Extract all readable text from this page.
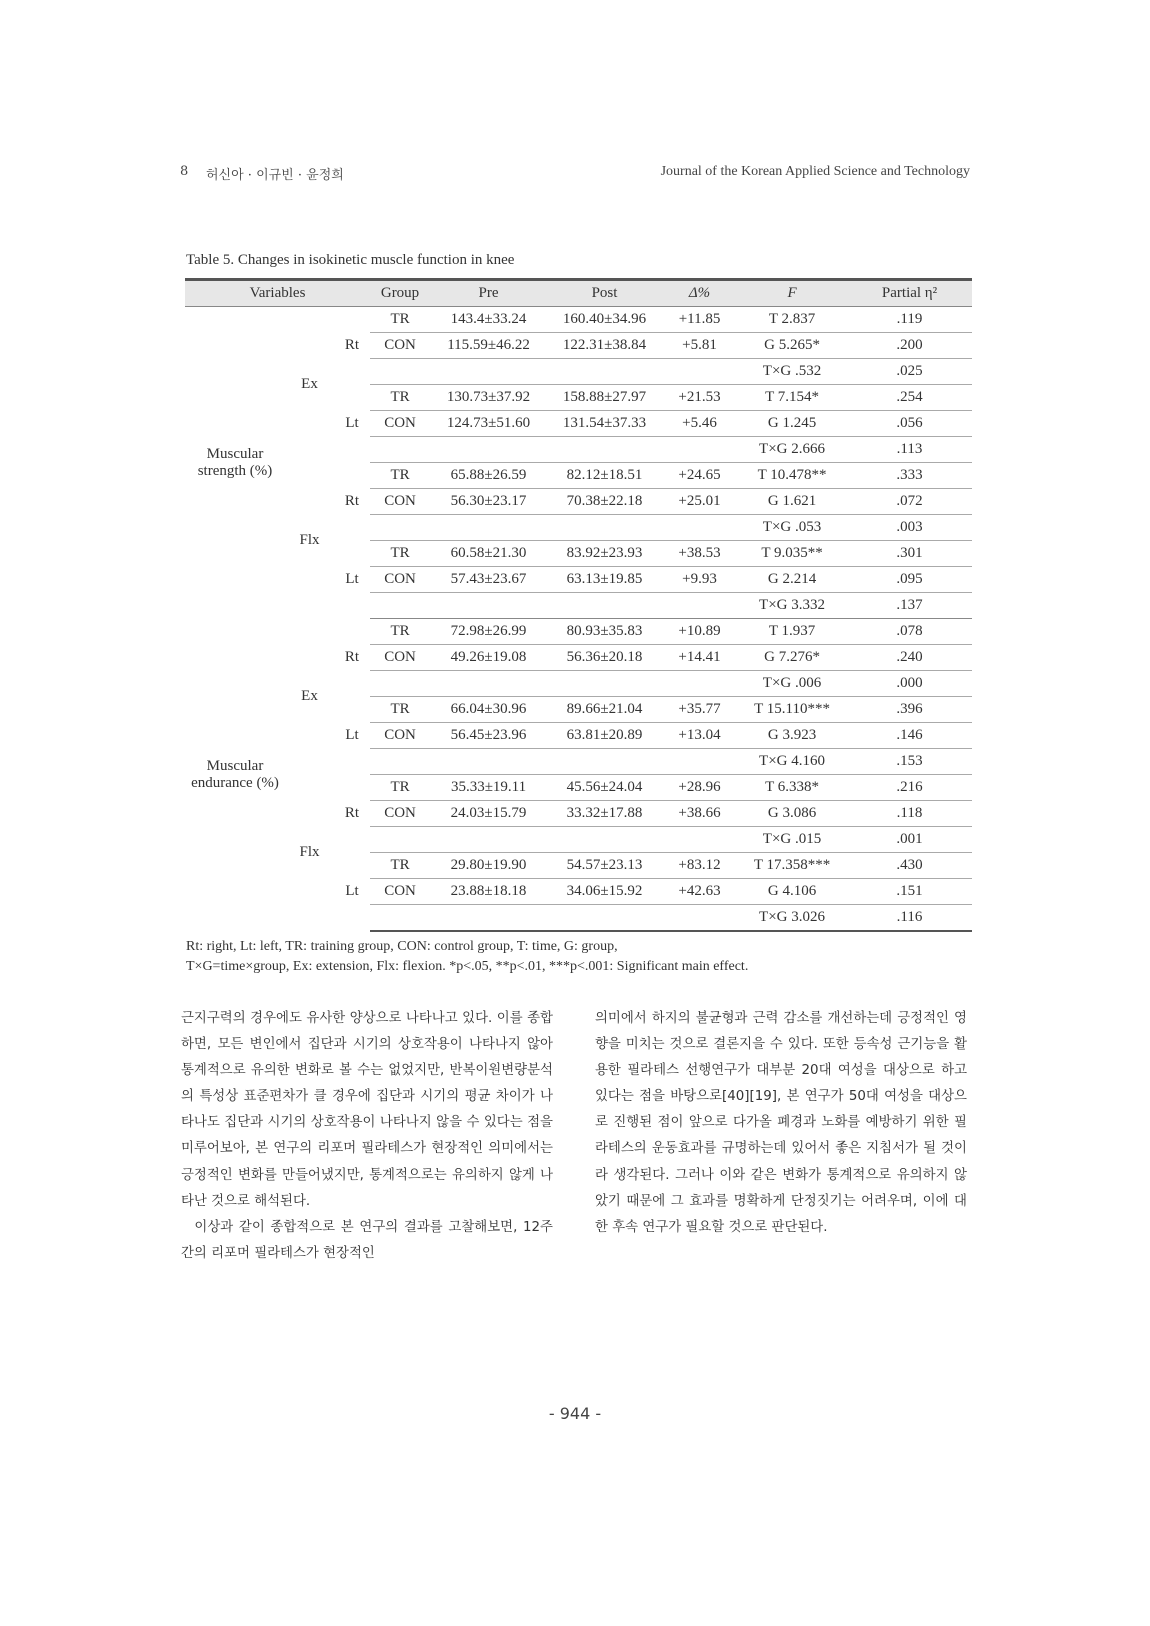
8 허신아 · 이규빈 · 윤정희	Journal of the Korean Applied Science and Technology
Table 5. Changes in isokinetic muscle function in knee
Variables			Group	Pre	Post	Δ%	F	Partial η²
Muscular strength (%)	Ex	Rt	TR	143.4±33.24	160.40±34.96	+11.85	T 2.837	.119
			CON	115.59±46.22	122.31±38.84	+5.81	G 5.265*	.200
							T×G .532	.025
		Lt	TR	130.73±37.92	158.88±27.97	+21.53	T 7.154*	.254
			CON	124.73±51.60	131.54±37.33	+5.46	G 1.245	.056
							T×G 2.666	.113
	Flx	Rt	TR	65.88±26.59	82.12±18.51	+24.65	T 10.478**	.333
			CON	56.30±23.17	70.38±22.18	+25.01	G 1.621	.072
							T×G .053	.003
		Lt	TR	60.58±21.30	83.92±23.93	+38.53	T 9.035**	.301
			CON	57.43±23.67	63.13±19.85	+9.93	G 2.214	.095
							T×G 3.332	.137
Muscular endurance (%)	Ex	Rt	TR	72.98±26.99	80.93±35.83	+10.89	T 1.937	.078
			CON	49.26±19.08	56.36±20.18	+14.41	G 7.276*	.240
							T×G .006	.000
		Lt	TR	66.04±30.96	89.66±21.04	+35.77	T 15.110***	.396
			CON	56.45±23.96	63.81±20.89	+13.04	G 3.923	.146
							T×G 4.160	.153
	Flx	Rt	TR	35.33±19.11	45.56±24.04	+28.96	T 6.338*	.216
			CON	24.03±15.79	33.32±17.88	+38.66	G 3.086	.118
							T×G .015	.001
		Lt	TR	29.80±19.90	54.57±23.13	+83.12	T 17.358***	.430
			CON	23.88±18.18	34.06±15.92	+42.63	G 4.106	.151
							T×G 3.026	.116
Rt: right, Lt: left, TR: training group, CON: control group, T: time, G: group,
T×G=time×group, Ex: extension, Flx: flexion. *p<.05, **p<.01, ***p<.001: Significant main effect.

근지구력의 경우에도 유사한 양상으로 나타나고 있다. 이를 종합하면, 모든 변인에서 집단과 시기의 상호작용이 나타나지 않아 통계적으로 유의한 변화로 볼 수는 없었지만, 반복이원변량분석의 특성상 표준편차가 클 경우에 집단과 시기의 평균 차이가 나타나도 집단과 시기의 상호작용이 나타나지 않을 수 있다는 점을 미루어보아, 본 연구의 리포머 필라테스가 현장적인 의미에서는 긍정적인 변화를 만들어냈지만, 통계적으로는 유의하지 않게 나타난 것으로 해석된다.

이상과 같이 종합적으로 본 연구의 결과를 고찰해보면, 12주간의 리포머 필라테스가 현장적인

의미에서 하지의 불균형과 근력 감소를 개선하는데 긍정적인 영향을 미치는 것으로 결론지을 수 있다. 또한 등속성 근기능을 활용한 필라테스 선행연구가 대부분 20대 여성을 대상으로 하고 있다는 점을 바탕으로[40][19], 본 연구가 50대 여성을 대상으로 진행된 점이 앞으로 다가올 폐경과 노화를 예방하기 위한 필라테스의 운동효과를 규명하는데 있어서 좋은 지침서가 될 것이라 생각된다. 그러나 이와 같은 변화가 통계적으로 유의하지 않았기 때문에 그 효과를 명확하게 단정짓기는 어려우며, 이에 대한 후속 연구가 필요할 것으로 판단된다.

- 944 -
